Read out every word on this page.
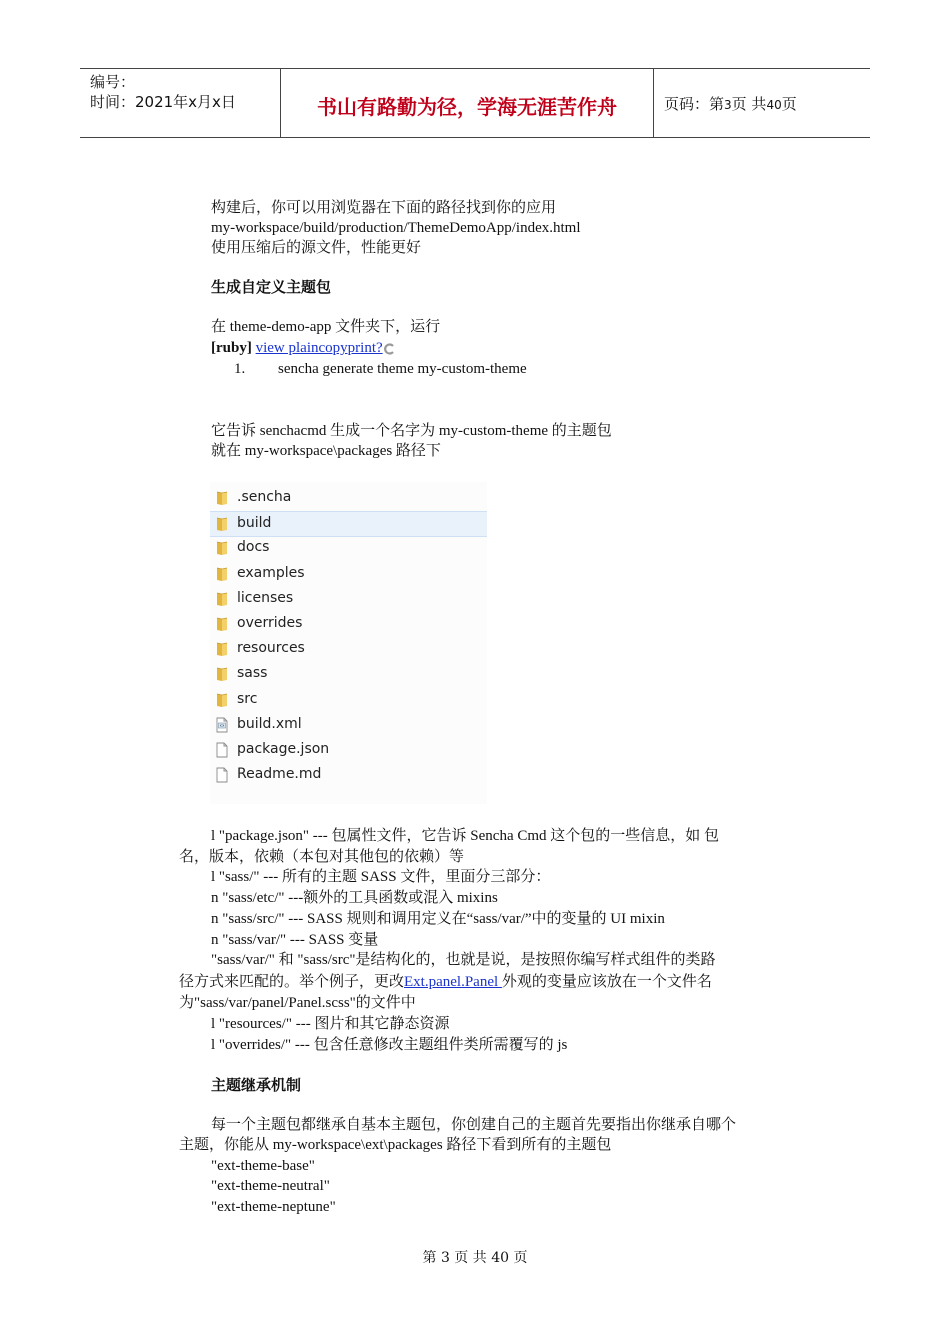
编号：
时间：2021年x月x日	书山有路勤为径，学海无涯苦作舟	页码：第3页 共40页
构建后，你可以用浏览器在下面的路径找到你的应用
my-workspace/build/production/ThemeDemoApp/index.html
使用压缩后的源文件，性能更好
生成自定义主题包
在 theme-demo-app 文件夹下，运行
[ruby] view plaincopyprint?
1. sencha generate theme my-custom-theme
它告诉 senchacmd 生成一个名字为 my-custom-theme 的主题包
就在 my-workspace\packages 路径下
.sencha
build
docs
examples
licenses
overrides
resources
sass
src
build.xml
package.json
Readme.md
l "package.json" --- 包属性文件，它告诉 Sencha Cmd 这个包的一些信息，如 包
名，版本，依赖（本包对其他包的依赖）等
l "sass/" --- 所有的主题 SASS 文件，里面分三部分：
n "sass/etc/" ---额外的工具函数或混入 mixins
n "sass/src/" --- SASS 规则和调用定义在“sass/var/”中的变量的 UI mixin
n "sass/var/" --- SASS 变量
"sass/var/" 和 "sass/src"是结构化的，也就是说，是按照你编写样式组件的类路
径方式来匹配的。举个例子，更改Ext.panel.Panel 外观的变量应该放在一个文件名
为"sass/var/panel/Panel.scss"的文件中
l "resources/" --- 图片和其它静态资源
l "overrides/" --- 包含任意修改主题组件类所需覆写的 js
主题继承机制
每一个主题包都继承自基本主题包，你创建自己的主题首先要指出你继承自哪个
主题，你能从 my-workspace\ext\packages 路径下看到所有的主题包
"ext-theme-base"
"ext-theme-neutral"
"ext-theme-neptune"
第 3 页 共 40 页
